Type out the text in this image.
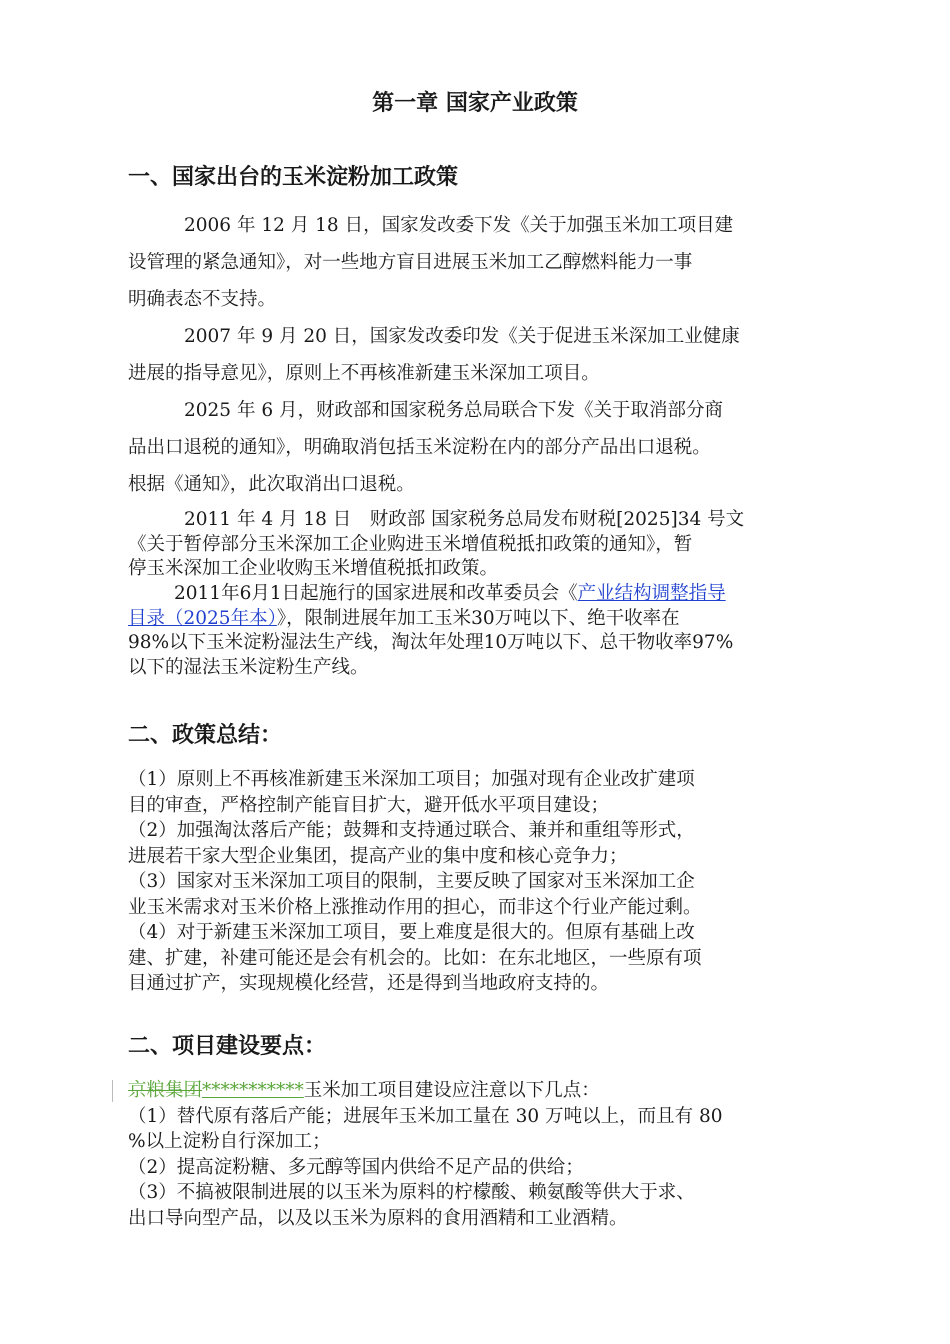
第一章 国家产业政策
一、国家出台的玉米淀粉加工政策
2006 年 12 月 18 日，国家发改委下发《关于加强玉米加工项目建
设管理的紧急通知》，对一些地方盲目进展玉米加工乙醇燃料能力一事
明确表态不支持。
2007 年 9 月 20 日，国家发改委印发《关于促进玉米深加工业健康
进展的指导意见》，原则上不再核准新建玉米深加工项目。
2025 年 6 月，财政部和国家税务总局联合下发《关于取消部分商
品出口退税的通知》，明确取消包括玉米淀粉在内的部分产品出口退税。
根据《通知》，此次取消出口退税。
2011 年 4 月 18 日　财政部 国家税务总局发布财税[2025]34 号文
《关于暂停部分玉米深加工企业购进玉米增值税抵扣政策的通知》，暂
停玉米深加工企业收购玉米增值税抵扣政策。
2011年6月1日起施行的国家进展和改革委员会《产业结构调整指导
目录（2025年本）》，限制进展年加工玉米30万吨以下、绝干收率在
98%以下玉米淀粉湿法生产线，淘汰年处理10万吨以下、总干物收率97%
以下的湿法玉米淀粉生产线。
二、政策总结：
（1）原则上不再核准新建玉米深加工项目；加强对现有企业改扩建项
目的审查，严格控制产能盲目扩大，避开低水平项目建设；
（2）加强淘汰落后产能；鼓舞和支持通过联合、兼并和重组等形式，
进展若干家大型企业集团，提高产业的集中度和核心竞争力；
（3）国家对玉米深加工项目的限制，主要反映了国家对玉米深加工企
业玉米需求对玉米价格上涨推动作用的担心，而非这个行业产能过剩。
（4）对于新建玉米深加工项目，要上难度是很大的。但原有基础上改
建、扩建，补建可能还是会有机会的。比如：在东北地区，一些原有项
目通过扩产，实现规模化经营，还是得到当地政府支持的。
二、项目建设要点：
京粮集团***********玉米加工项目建设应注意以下几点：
（1）替代原有落后产能；进展年玉米加工量在 30 万吨以上，而且有 80
%以上淀粉自行深加工；
（2）提高淀粉糖、多元醇等国内供给不足产品的供给；
（3）不搞被限制进展的以玉米为原料的柠檬酸、赖氨酸等供大于求、
出口导向型产品，以及以玉米为原料的食用酒精和工业酒精。
